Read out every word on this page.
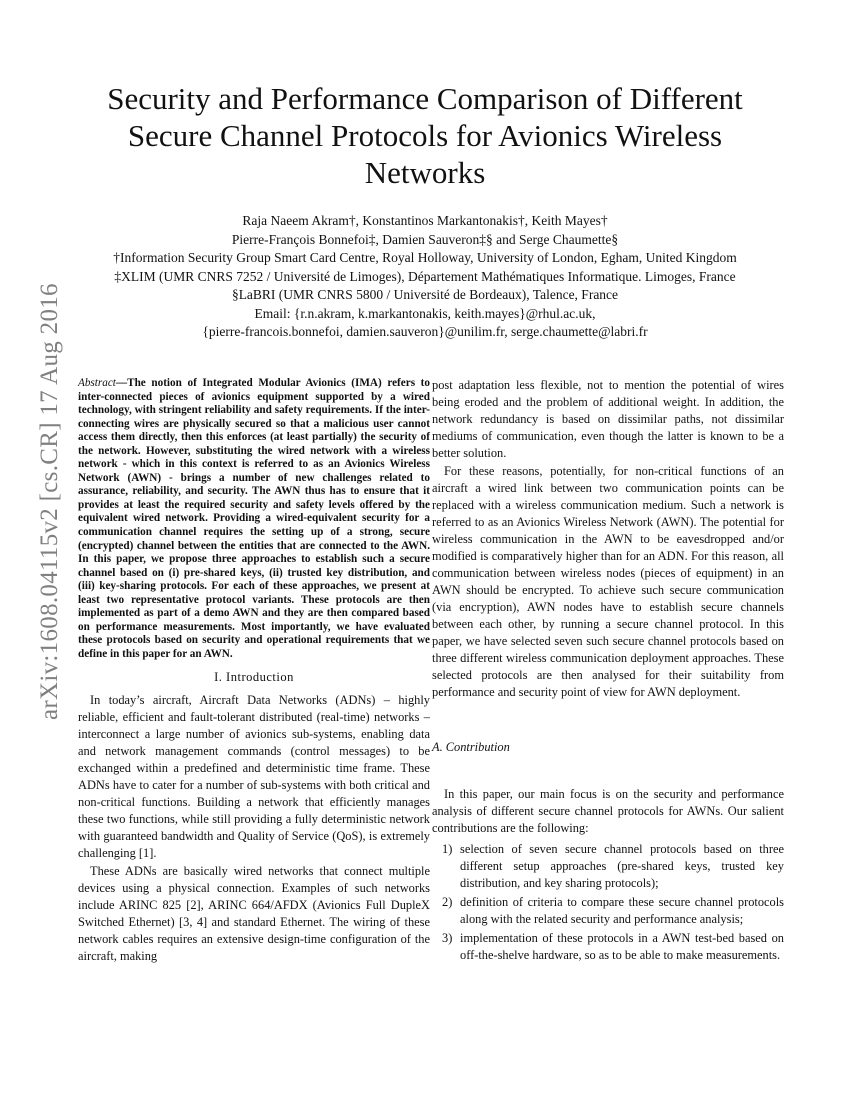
arXiv:1608.04115v2 [cs.CR] 17 Aug 2016
Security and Performance Comparison of Different Secure Channel Protocols for Avionics Wireless Networks
Raja Naeem Akram†, Konstantinos Markantonakis†, Keith Mayes†
Pierre-François Bonnefoi‡, Damien Sauveron‡§ and Serge Chaumette§
†Information Security Group Smart Card Centre, Royal Holloway, University of London, Egham, United Kingdom
‡XLIM (UMR CNRS 7252 / Université de Limoges), Département Mathématiques Informatique. Limoges, France
§LaBRI (UMR CNRS 5800 / Université de Bordeaux), Talence, France
Email: {r.n.akram, k.markantonakis, keith.mayes}@rhul.ac.uk,
{pierre-francois.bonnefoi, damien.sauveron}@unilim.fr, serge.chaumette@labri.fr

Abstract—The notion of Integrated Modular Avionics (IMA) refers to inter-connected pieces of avionics equipment supported by a wired technology, with stringent reliability and safety requirements. If the inter-connecting wires are physically secured so that a malicious user cannot access them directly, then this enforces (at least partially) the security of the network. However, substituting the wired network with a wireless network - which in this context is referred to as an Avionics Wireless Network (AWN) - brings a number of new challenges related to assurance, reliability, and security. The AWN thus has to ensure that it provides at least the required security and safety levels offered by the equivalent wired network. Providing a wired-equivalent security for a communication channel requires the setting up of a strong, secure (encrypted) channel between the entities that are connected to the AWN. In this paper, we propose three approaches to establish such a secure channel based on (i) pre-shared keys, (ii) trusted key distribution, and (iii) key-sharing protocols. For each of these approaches, we present at least two representative protocol variants. These protocols are then implemented as part of a demo AWN and they are then compared based on performance measurements. Most importantly, we have evaluated these protocols based on security and operational requirements that we define in this paper for an AWN.

I. Introduction

In today’s aircraft, Aircraft Data Networks (ADNs) – highly reliable, efficient and fault-tolerant distributed (real-time) networks – interconnect a large number of avionics sub-systems, enabling data and network management commands (control messages) to be exchanged within a predefined and deterministic time frame. These ADNs have to cater for a number of sub-systems with both critical and non-critical functions. Building a network that efficiently manages these two functions, while still providing a fully deterministic network with guaranteed bandwidth and Quality of Service (QoS), is extremely challenging [1].

These ADNs are basically wired networks that connect multiple devices using a physical connection. Examples of such networks include ARINC 825 [2], ARINC 664/AFDX (Avionics Full DupleX Switched Ethernet) [3, 4] and standard Ethernet. The wiring of these network cables requires an extensive design-time configuration of the aircraft, making

post adaptation less flexible, not to mention the potential of wires being eroded and the problem of additional weight. In addition, the network redundancy is based on dissimilar paths, not dissimilar mediums of communication, even though the latter is known to be a better solution.

For these reasons, potentially, for non-critical functions of an aircraft a wired link between two communication points can be replaced with a wireless communication medium. Such a network is referred to as an Avionics Wireless Network (AWN). The potential for wireless communication in the AWN to be eavesdropped and/or modified is comparatively higher than for an ADN. For this reason, all communication between wireless nodes (pieces of equipment) in an AWN should be encrypted. To achieve such secure communication (via encryption), AWN nodes have to establish secure channels between each other, by running a secure channel protocol. In this paper, we have selected seven such secure channel protocols based on three different wireless communication deployment approaches. These selected protocols are then analysed for their suitability from performance and security point of view for AWN deployment.

A. Contribution

In this paper, our main focus is on the security and performance analysis of different secure channel protocols for AWNs. Our salient contributions are the following:

1) selection of seven secure channel protocols based on three different setup approaches (pre-shared keys, trusted key distribution, and key sharing protocols);
2) definition of criteria to compare these secure channel protocols along with the related security and performance analysis;
3) implementation of these protocols in a AWN test-bed based on off-the-shelve hardware, so as to be able to make measurements.
